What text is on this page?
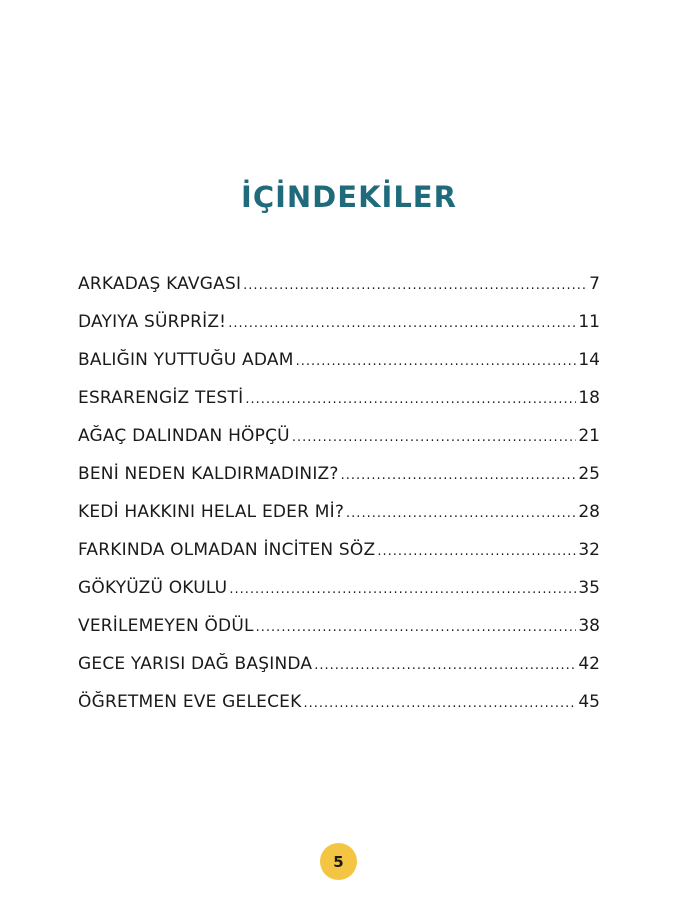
İÇİNDEKİLER
ARKADAŞ KAVGASI .....	7
DAYIYA SÜRPRİZ! .....	11
BALIĞIN YUTTUĞU ADAM .....	14
ESRARENGİZ TESTİ .....	18
AĞAÇ DALINDAN HÖPÇÜ .....	21
BENİ NEDEN KALDIRMADINIZ? .....	25
KEDİ HAKKINI HELAL EDER Mİ? .....	28
FARKINDA OLMADAN İNCİTEN SÖZ .....	32
GÖKYÜZÜ OKULU .....	35
VERİLEMEYEN ÖDÜL .....	38
GECE YARISI DAĞ BAŞINDA .....	42
ÖĞRETMEN EVE GELECEK .....	45
5
